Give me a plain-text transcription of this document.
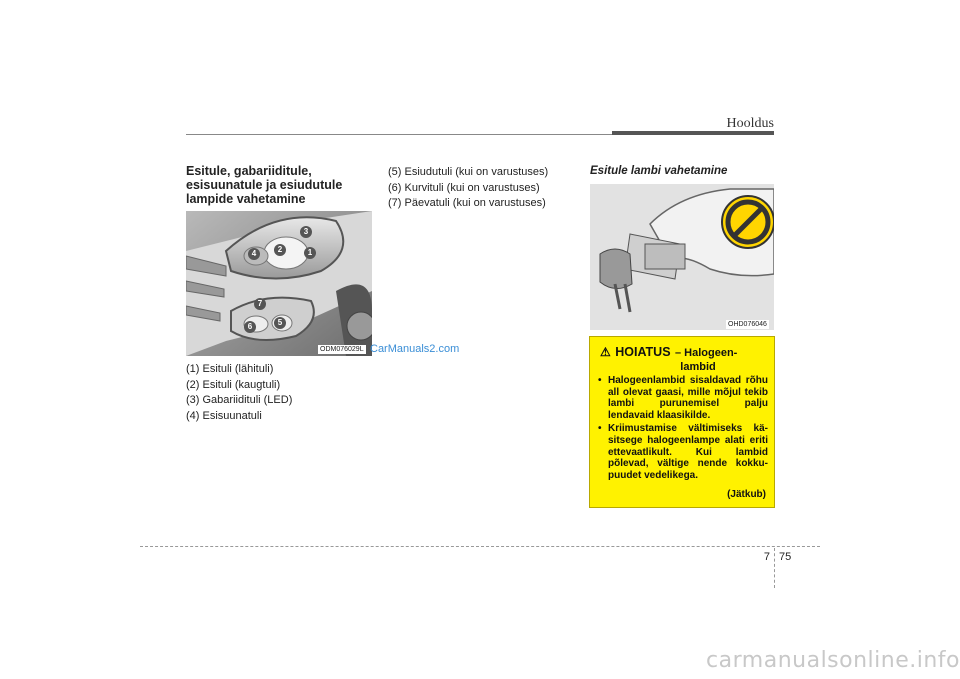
Hooldus
Esitule, gabariiditule, esisuunatule ja esiudutule lampide vahetamine
1
2
3
4
5
6
7
ODM076029L CarManuals2.com
(1) Esituli (lähituli)
(2) Esituli (kaugtuli)
(3) Gabariidituli (LED)
(4) Esisuunatuli
(5) Esiudutuli (kui on varustuses)
(6) Kurvituli (kui on varustuses)
(7) Päevatuli (kui on varustuses)
Esitule lambi vahetamine
OHD076046
⚠ HOIATUS – Halogeen-
lambid
• Halogeenlambid sisaldavad rõhu all olevat gaasi, mille mõjul tekib lambi purunemisel palju lendavaid klaasikilde.
• Kriimustamise vältimiseks kä-sitsege halogeenlampe alati eriti ettevaatlikult. Kui lambid põlevad, vältige nende kokku-puudet vedelikega.
(Jätkub)
7 75
carmanualsonline.info
